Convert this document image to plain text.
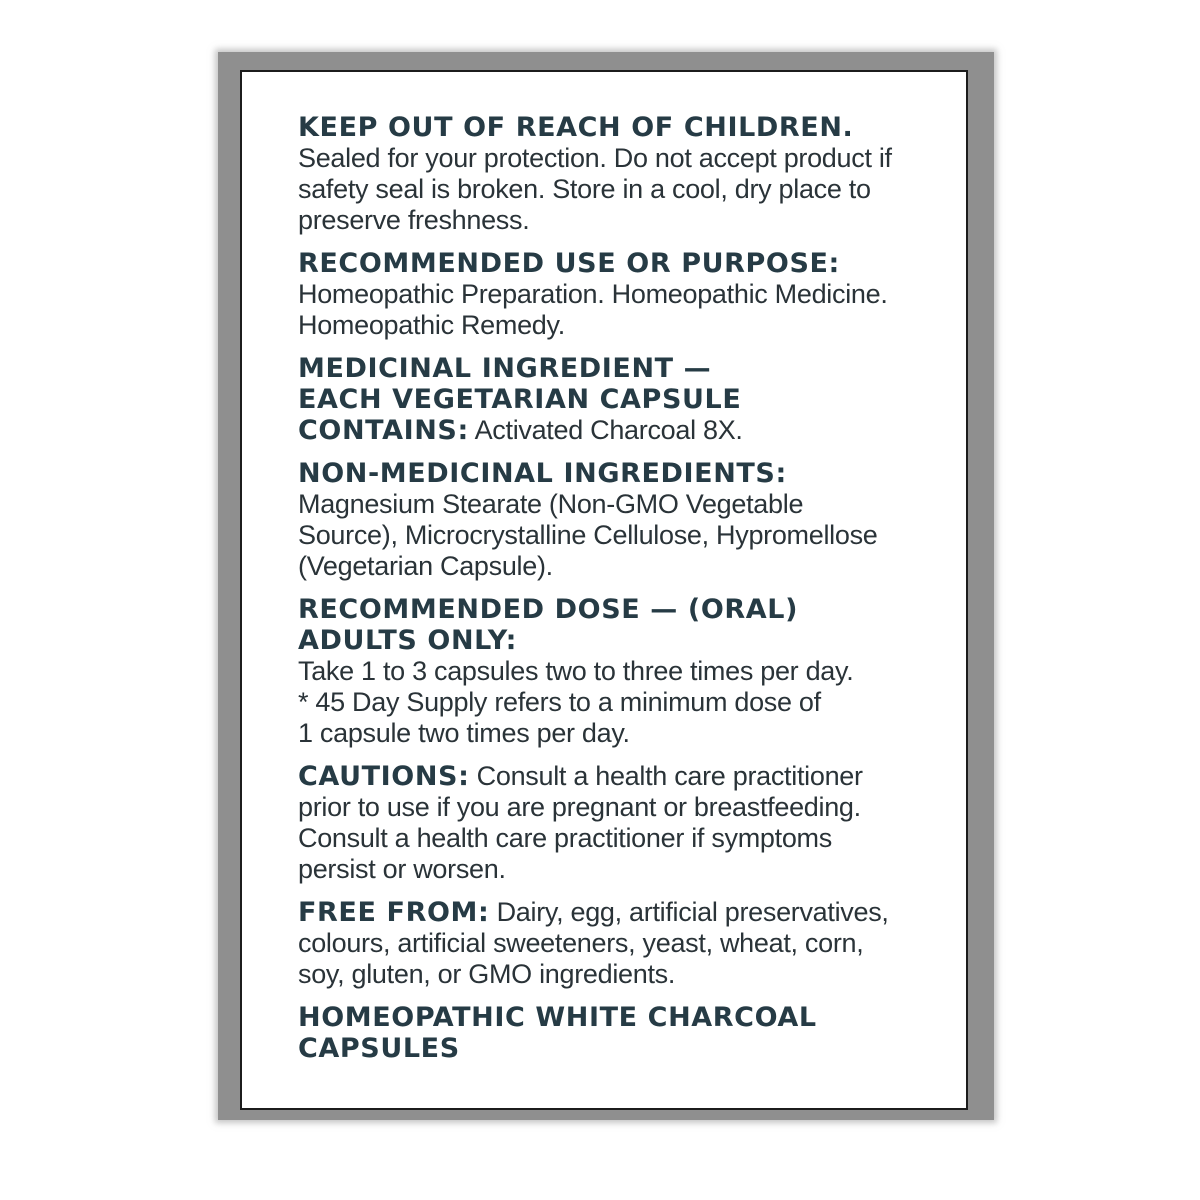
KEEP OUT OF REACH OF CHILDREN.
Sealed for your protection. Do not accept product if
safety seal is broken. Store in a cool, dry place to
preserve freshness.
RECOMMENDED USE OR PURPOSE:
Homeopathic Preparation. Homeopathic Medicine.
Homeopathic Remedy.
MEDICINAL INGREDIENT —
EACH VEGETARIAN CAPSULE
CONTAINS: Activated Charcoal 8X.
NON-MEDICINAL INGREDIENTS:
Magnesium Stearate (Non-GMO Vegetable
Source), Microcrystalline Cellulose, Hypromellose
(Vegetarian Capsule).
RECOMMENDED DOSE — (ORAL)
ADULTS ONLY:
Take 1 to 3 capsules two to three times per day.
* 45 Day Supply refers to a minimum dose of
1 capsule two times per day.
CAUTIONS: Consult a health care practitioner
prior to use if you are pregnant or breastfeeding.
Consult a health care practitioner if symptoms
persist or worsen.
FREE FROM: Dairy, egg, artificial preservatives,
colours, artificial sweeteners, yeast, wheat, corn,
soy, gluten, or GMO ingredients.
HOMEOPATHIC WHITE CHARCOAL
CAPSULES
